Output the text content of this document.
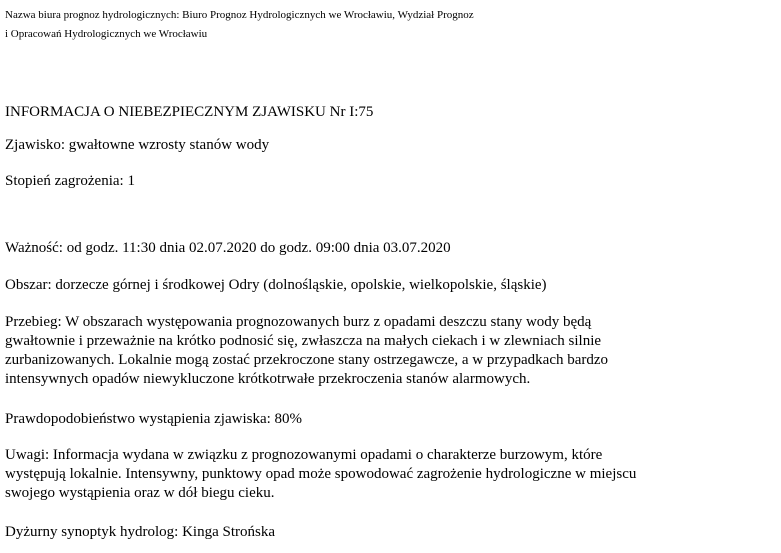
Nazwa biura prognoz hydrologicznych: Biuro Prognoz Hydrologicznych we Wrocławiu, Wydział Prognoz
i Opracowań Hydrologicznych we Wrocławiu
INFORMACJA O NIEBEZPIECZNYM ZJAWISKU Nr I:75
Zjawisko: gwałtowne wzrosty stanów wody
Stopień zagrożenia: 1
Ważność: od godz. 11:30 dnia 02.07.2020 do godz. 09:00 dnia 03.07.2020
Obszar: dorzecze górnej i środkowej Odry (dolnośląskie, opolskie, wielkopolskie, śląskie)
Przebieg: W obszarach występowania prognozowanych burz z opadami deszczu stany wody będą
gwałtownie i przeważnie na krótko podnosić się, zwłaszcza na małych ciekach i w zlewniach silnie
zurbanizowanych. Lokalnie mogą zostać przekroczone stany ostrzegawcze, a w przypadkach bardzo
intensywnych opadów niewykluczone krótkotrwałe przekroczenia stanów alarmowych.
Prawdopodobieństwo wystąpienia zjawiska: 80%
Uwagi: Informacja wydana w związku z prognozowanymi opadami o charakterze burzowym, które
występują lokalnie. Intensywny, punktowy opad może spowodować zagrożenie hydrologiczne w miejscu
swojego wystąpienia oraz w dół biegu cieku.
Dyżurny synoptyk hydrolog: Kinga Strońska
